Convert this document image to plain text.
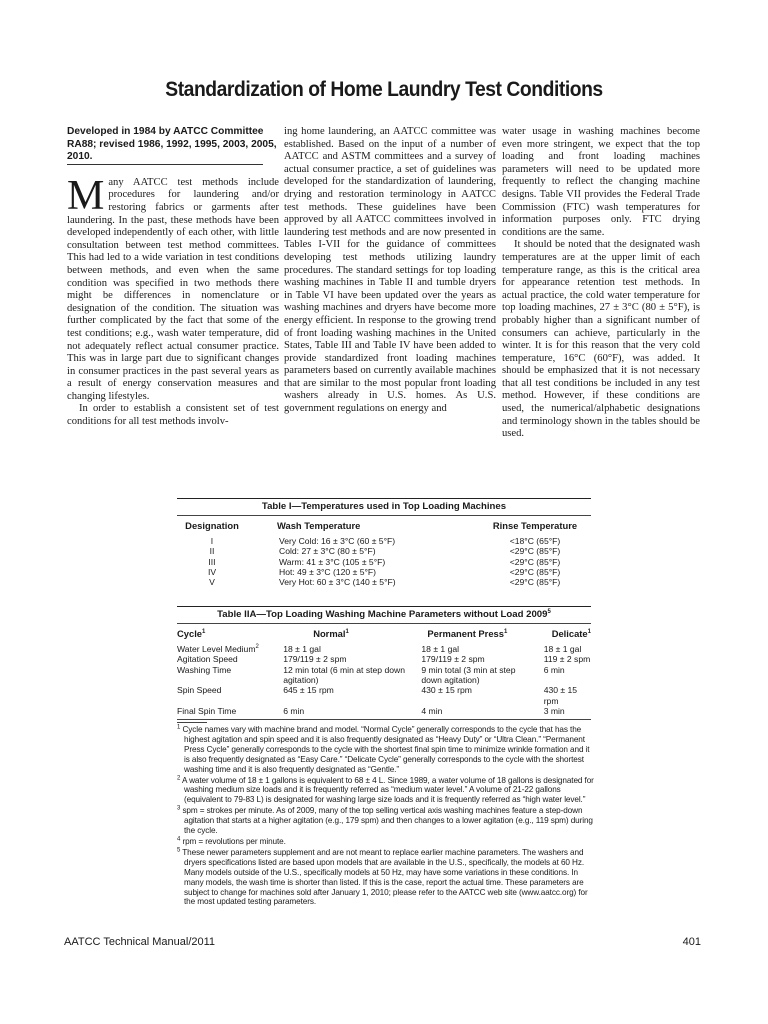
Standardization of Home Laundry Test Conditions

Developed in 1984 by AATCC Committee RA88; revised 1986, 1992, 1995, 2003, 2005, 2010.

Many AATCC test methods include procedures for laundering and/or restoring fabrics or garments after laundering. In the past, these methods have been developed independently of each other, with little consultation between test method committees. This had led to a wide variation in test conditions between methods, and even when the same condition was specified in two methods there might be differences in nomenclature or designation of the condition. The situation was further complicated by the fact that some of the test conditions; e.g., wash water temperature, did not adequately reflect actual consumer practice. This was in large part due to significant changes in consumer practices in the past several years as a result of energy conservation measures and changing lifestyles.

In order to establish a consistent set of test conditions for all test methods involv-

ing home laundering, an AATCC committee was established. Based on the input of a number of AATCC and ASTM committees and a survey of actual consumer practice, a set of guidelines was developed for the standardization of laundering, drying and restoration terminology in AATCC test methods. These guidelines have been approved by all AATCC committees involved in laundering test methods and are now presented in Tables I-VII for the guidance of committees developing test methods utilizing laundry procedures. The standard settings for top loading washing machines in Table II and tumble dryers in Table VI have been updated over the years as washing machines and dryers have become more energy efficient. In response to the growing trend of front loading washing machines in the United States, Table III and Table IV have been added to provide standardized front loading machines parameters based on currently available machines that are similar to the most popular front loading washers already in U.S. homes. As U.S. government regulations on energy and

water usage in washing machines become even more stringent, we expect that the top loading and front loading machines parameters will need to be updated more frequently to reflect the changing machine designs. Table VII provides the Federal Trade Commission (FTC) wash temperatures for information purposes only. FTC drying conditions are the same.

It should be noted that the designated wash temperatures are at the upper limit of each temperature range, as this is the critical area for appearance retention test methods. In actual practice, the cold water temperature for top loading machines, 27 ± 3°C (80 ± 5°F), is probably higher than a significant number of consumers can achieve, particularly in the winter. It is for this reason that the very cold temperature, 16°C (60°F), was added. It should be emphasized that it is not necessary that all test conditions be included in any test method. However, if these conditions are used, the numerical/alphabetic designations and terminology shown in the tables should be used.

Table I—Temperatures used in Top Loading Machines
Designation	Wash Temperature	Rinse Temperature
I	Very Cold: 16 ± 3°C (60 ± 5°F)	<18°C (65°F)
II	Cold: 27 ± 3°C (80 ± 5°F)	<29°C (85°F)
III	Warm: 41 ± 3°C (105 ± 5°F)	<29°C (85°F)
IV	Hot: 49 ± 3°C (120 ± 5°F)	<29°C (85°F)
V	Very Hot: 60 ± 3°C (140 ± 5°F)	<29°C (85°F)
Table IIA—Top Loading Washing Machine Parameters without Load 2009$^5$
Cycle$^1$	Normal$^1$	Permanent Press$^1$	Delicate$^1$
Water Level Medium$^2$	18 ± 1 gal	18 ± 1 gal	18 ± 1 gal
Agitation Speed	179/119 ± 2 spm	179/119 ± 2 spm	119 ± 2 spm
Washing Time	12 min total (6 min at step down agitation)	9 min total (3 min at step down agitation)	6 min
Spin Speed	645 ± 15 rpm	430 ± 15 rpm	430 ± 15 rpm
Final Spin Time	6 min	4 min	3 min

$^1$ Cycle names vary with machine brand and model. “Normal Cycle” generally corresponds to the cycle that has the highest agitation and spin speed and it is also frequently designated as “Heavy Duty” or “Ultra Clean.” “Permanent Press Cycle” generally corresponds to the cycle with the shortest final spin time to minimize wrinkle formation and it is also frequently designated as “Easy Care.” “Delicate Cycle” generally corresponds to the cycle with the shortest washing time and it is also frequently designated as “Gentle.”

$^2$ A water volume of 18 ± 1 gallons is equivalent to 68 ± 4 L. Since 1989, a water volume of 18 gallons is designated for washing medium size loads and it is frequently referred as “medium water level.” A volume of 21-22 gallons (equivalent to 79-83 L) is designated for washing large size loads and it is frequently referred as “high water level.”

$^3$ spm = strokes per minute. As of 2009, many of the top selling vertical axis washing machines feature a step-down agitation that starts at a higher agitation (e.g., 179 spm) and then changes to a lower agitation (e.g., 119 spm) during the cycle.

$^4$ rpm = revolutions per minute.

$^5$ These newer parameters supplement and are not meant to replace earlier machine parameters. The washers and dryers specifications listed are based upon models that are available in the U.S., specifically, the models at 60 Hz. Many models outside of the U.S., specifically models at 50 Hz, may have some variations in these conditions. In many models, the wash time is shorter than listed. If this is the case, report the actual time. These parameters are subject to change for machines sold after January 1, 2010; please refer to the AATCC web site (www.aatcc.org) for the most updated testing parameters.

AATCC Technical Manual/2011	401
